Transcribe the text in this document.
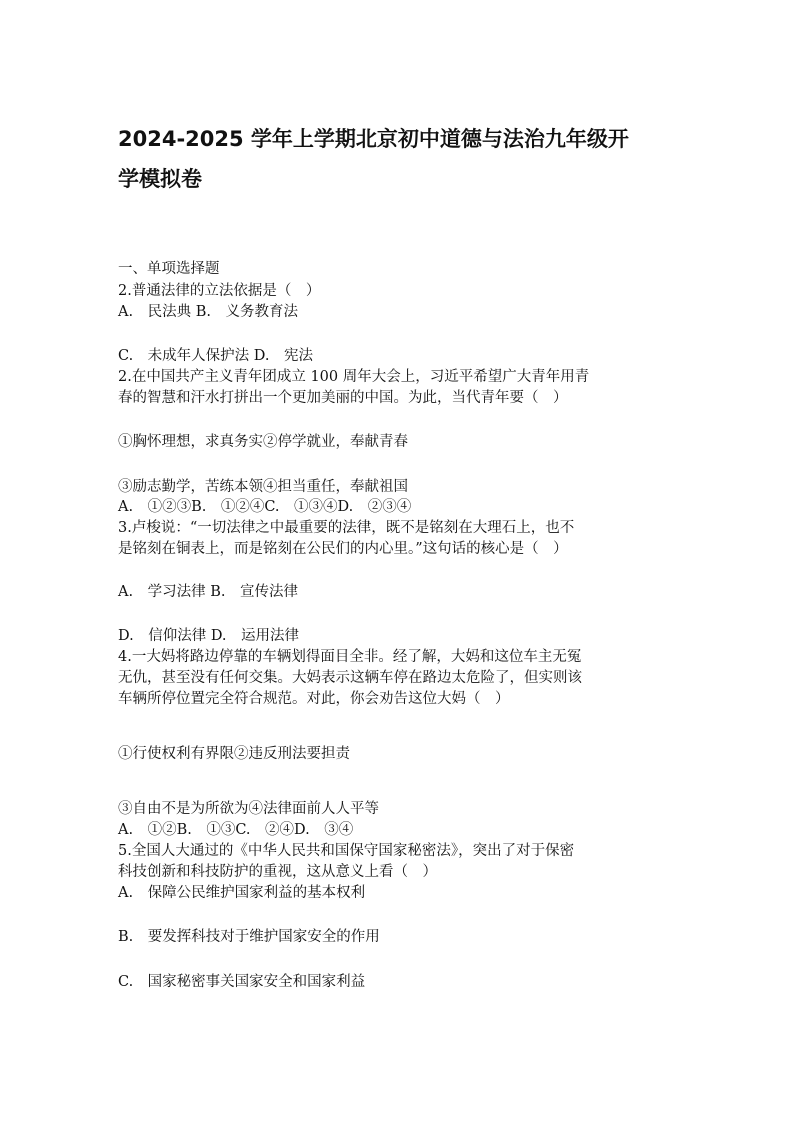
2024-2025 学年上学期北京初中道德与法治九年级开
学模拟卷
一、单项选择题
2.普通法律的立法依据是（　）
A.　民法典 B.　义务教育法
C.　未成年人保护法 D.　宪法
2.在中国共产主义青年团成立 100 周年大会上，习近平希望广大青年用青
春的智慧和汗水打拼出一个更加美丽的中国。为此，当代青年要（　）
①胸怀理想，求真务实②停学就业，奉献青春
③励志勤学，苦练本领④担当重任，奉献祖国
A.　①②③B.　①②④C.　①③④D.　②③④
3.卢梭说：“一切法律之中最重要的法律，既不是铭刻在大理石上，也不
是铭刻在铜表上，而是铭刻在公民们的内心里。”这句话的核心是（　）
A.　学习法律 B.　宣传法律
D.　信仰法律 D.　运用法律
4.一大妈将路边停靠的车辆划得面目全非。经了解，大妈和这位车主无冤
无仇，甚至没有任何交集。大妈表示这辆车停在路边太危险了，但实则该
车辆所停位置完全符合规范。对此，你会劝告这位大妈（　）
①行使权利有界限②违反刑法要担责
③自由不是为所欲为④法律面前人人平等
A.　①②B.　①③C.　②④D.　③④
5.全国人大通过的《中华人民共和国保守国家秘密法》，突出了对于保密
科技创新和科技防护的重视，这从意义上看（　）
A.　保障公民维护国家利益的基本权利
B.　要发挥科技对于维护国家安全的作用
C.　国家秘密事关国家安全和国家利益
